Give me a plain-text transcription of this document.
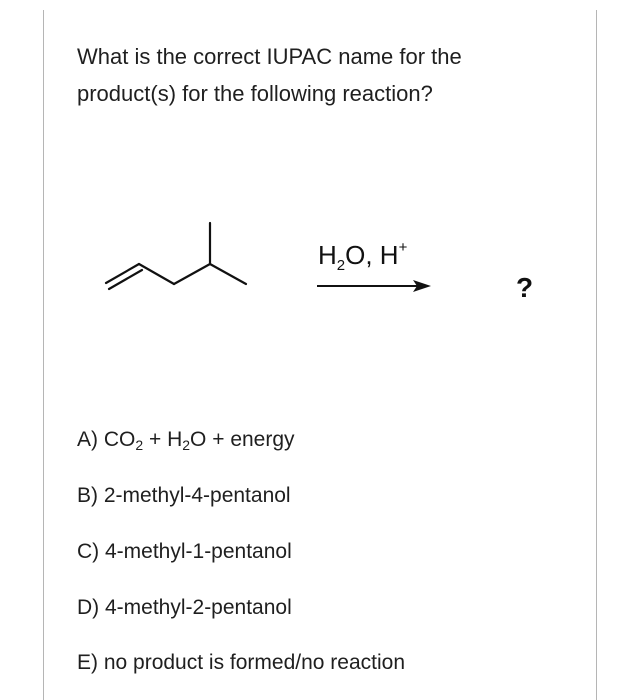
What is the correct IUPAC name for the
product(s) for the following reaction?
$H_2O$, H+
?
A) $CO_2 + H_2O$ + energy
B) 2-methyl-4-pentanol
C) 4-methyl-1-pentanol
D) 4-methyl-2-pentanol
E) no product is formed/no reaction
